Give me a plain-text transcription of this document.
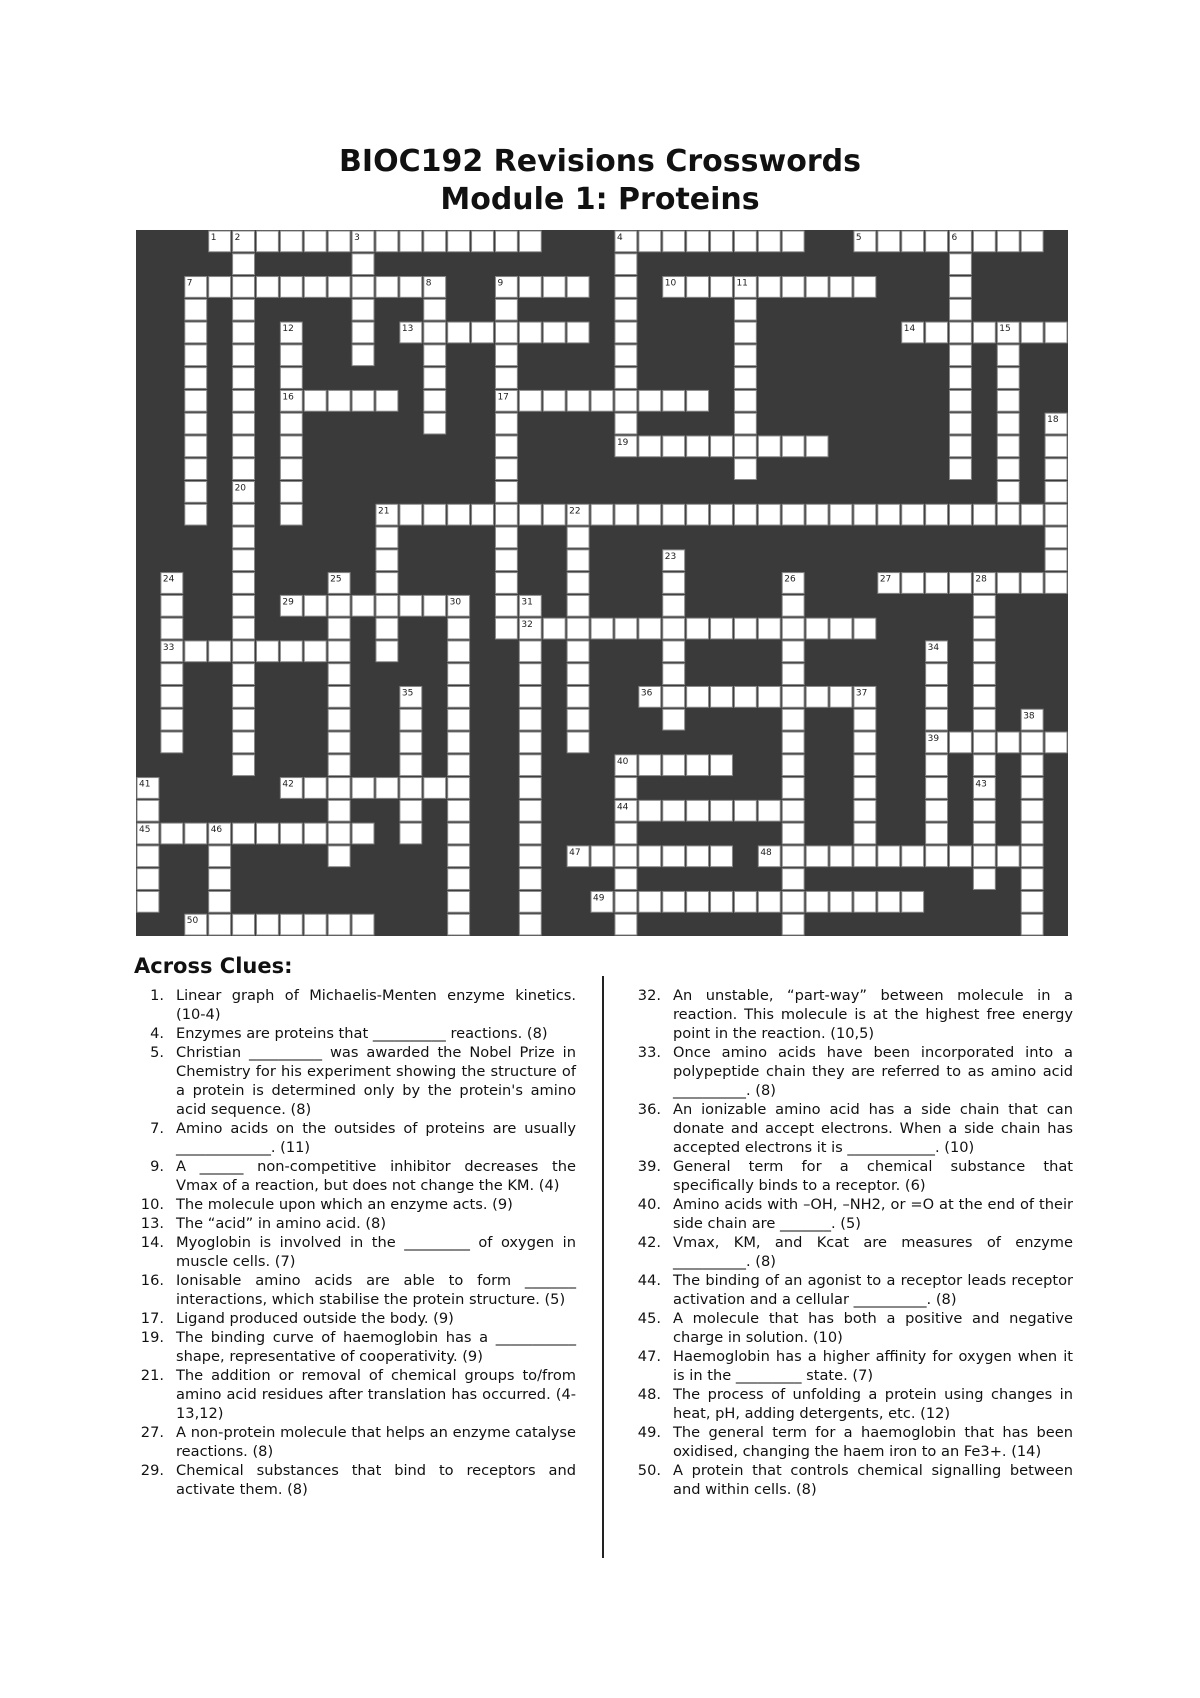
BIOC192 Revisions Crosswords
Module 1: Proteins
1	4	5
7	9	10
13	14
16	17
19
21
27
29
32
33
36
39
40
42
44
45
47	48
49
50
2	3	6
8	11
12	15
18
20
22
23
24	25	26	28
30	31
34
35	37
38
41	43
46
Across Clues:
1. Linear graph of Michaelis-Menten enzyme kinetics. (10-4)
4. Enzymes are proteins that __________ reactions. (8)
5. Christian __________ was awarded the Nobel Prize in Chemistry for his experiment showing the structure of a protein is determined only by the protein's amino acid sequence. (8)
7. Amino acids on the outsides of proteins are usually _____________. (11)
9. A ______ non-competitive inhibitor decreases the Vmax of a reaction, but does not change the KM. (4)
10. The molecule upon which an enzyme acts. (9)
13. The “acid” in amino acid. (8)
14. Myoglobin is involved in the _________ of oxygen in muscle cells. (7)
16. Ionisable amino acids are able to form _______ interactions, which stabilise the protein structure. (5)
17. Ligand produced outside the body. (9)
19. The binding curve of haemoglobin has a ___________ shape, representative of cooperativity. (9)
21. The addition or removal of chemical groups to/from amino acid residues after translation has occurred. (4-13,12)
27. A non-protein molecule that helps an enzyme catalyse reactions. (8)
29. Chemical substances that bind to receptors and activate them. (8)
32. An unstable, “part-way” between molecule in a reaction. This molecule is at the highest free energy point in the reaction. (10,5)
33. Once amino acids have been incorporated into a polypeptide chain they are referred to as amino acid __________. (8)
36. An ionizable amino acid has a side chain that can donate and accept electrons. When a side chain has accepted electrons it is ____________. (10)
39. General term for a chemical substance that specifically binds to a receptor. (6)
40. Amino acids with –OH, –NH2, or =O at the end of their side chain are _______. (5)
42. Vmax, KM, and Kcat are measures of enzyme __________. (8)
44. The binding of an agonist to a receptor leads receptor activation and a cellular __________. (8)
45. A molecule that has both a positive and negative charge in solution. (10)
47. Haemoglobin has a higher affinity for oxygen when it is in the _________ state. (7)
48. The process of unfolding a protein using changes in heat, pH, adding detergents, etc. (12)
49. The general term for a haemoglobin that has been oxidised, changing the haem iron to an Fe3+. (14)
50. A protein that controls chemical signalling between and within cells. (8)
